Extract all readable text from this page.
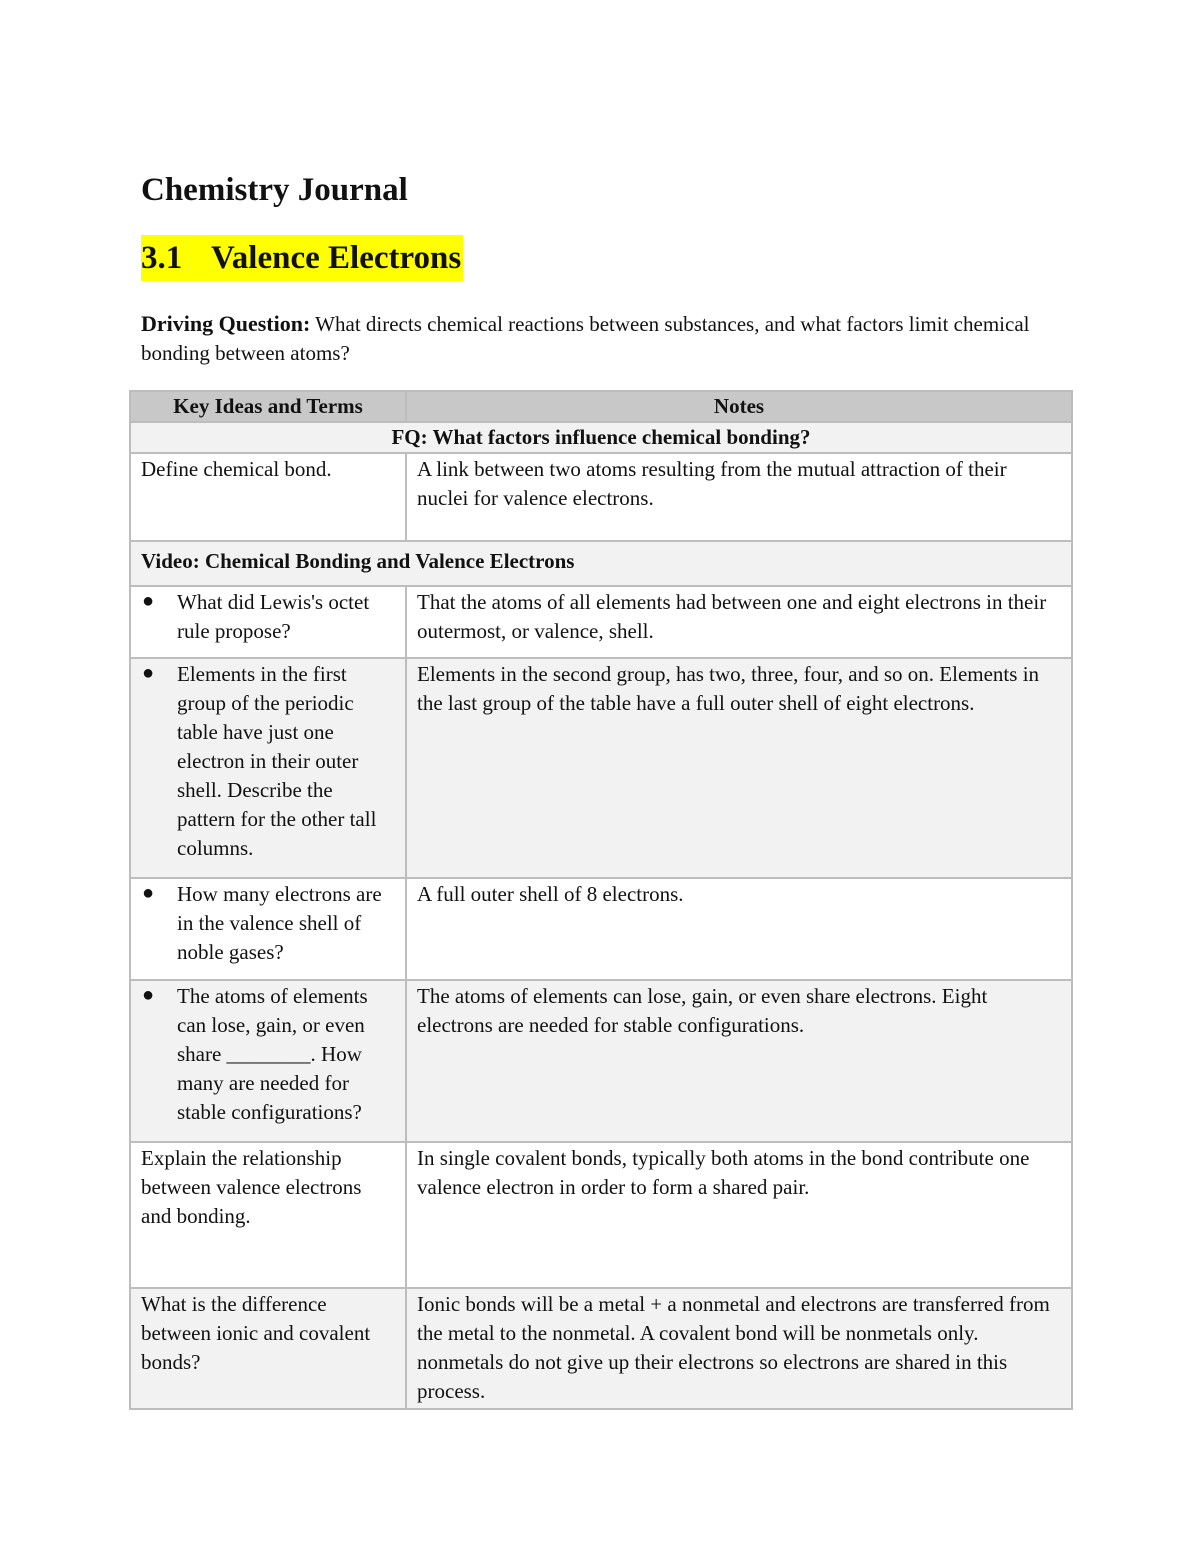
Chemistry Journal
3.1 Valence Electrons

Driving Question: What directs chemical reactions between substances, and what factors limit chemical bonding between atoms?

Key Ideas and Terms	Notes
FQ: What factors influence chemical bonding?	
Define chemical bond.	A link between two atoms resulting from the mutual attraction of their nuclei for valence electrons.
Video: Chemical Bonding and Valence Electrons	

● What did Lewis's octet rule propose?	That the atoms of all elements had between one and eight electrons in their outermost, or valence, shell.

● Elements in the first group of the periodic table have just one electron in their outer shell. Describe the pattern for the other tall columns.	Elements in the second group, has two, three, four, and so on. Elements in the last group of the table have a full outer shell of eight electrons.

● How many electrons are in the valence shell of noble gases?	A full outer shell of 8 electrons.

● The atoms of elements can lose, gain, or even share ________. How many are needed for stable configurations?	The atoms of elements can lose, gain, or even share electrons. Eight electrons are needed for stable configurations.
Explain the relationship between valence electrons and bonding.	In single covalent bonds, typically both atoms in the bond contribute one valence electron in order to form a shared pair.
What is the difference between ionic and covalent bonds?	Ionic bonds will be a metal + a nonmetal and electrons are transferred from the metal to the nonmetal. A covalent bond will be nonmetals only. nonmetals do not give up their electrons so electrons are shared in this process.
